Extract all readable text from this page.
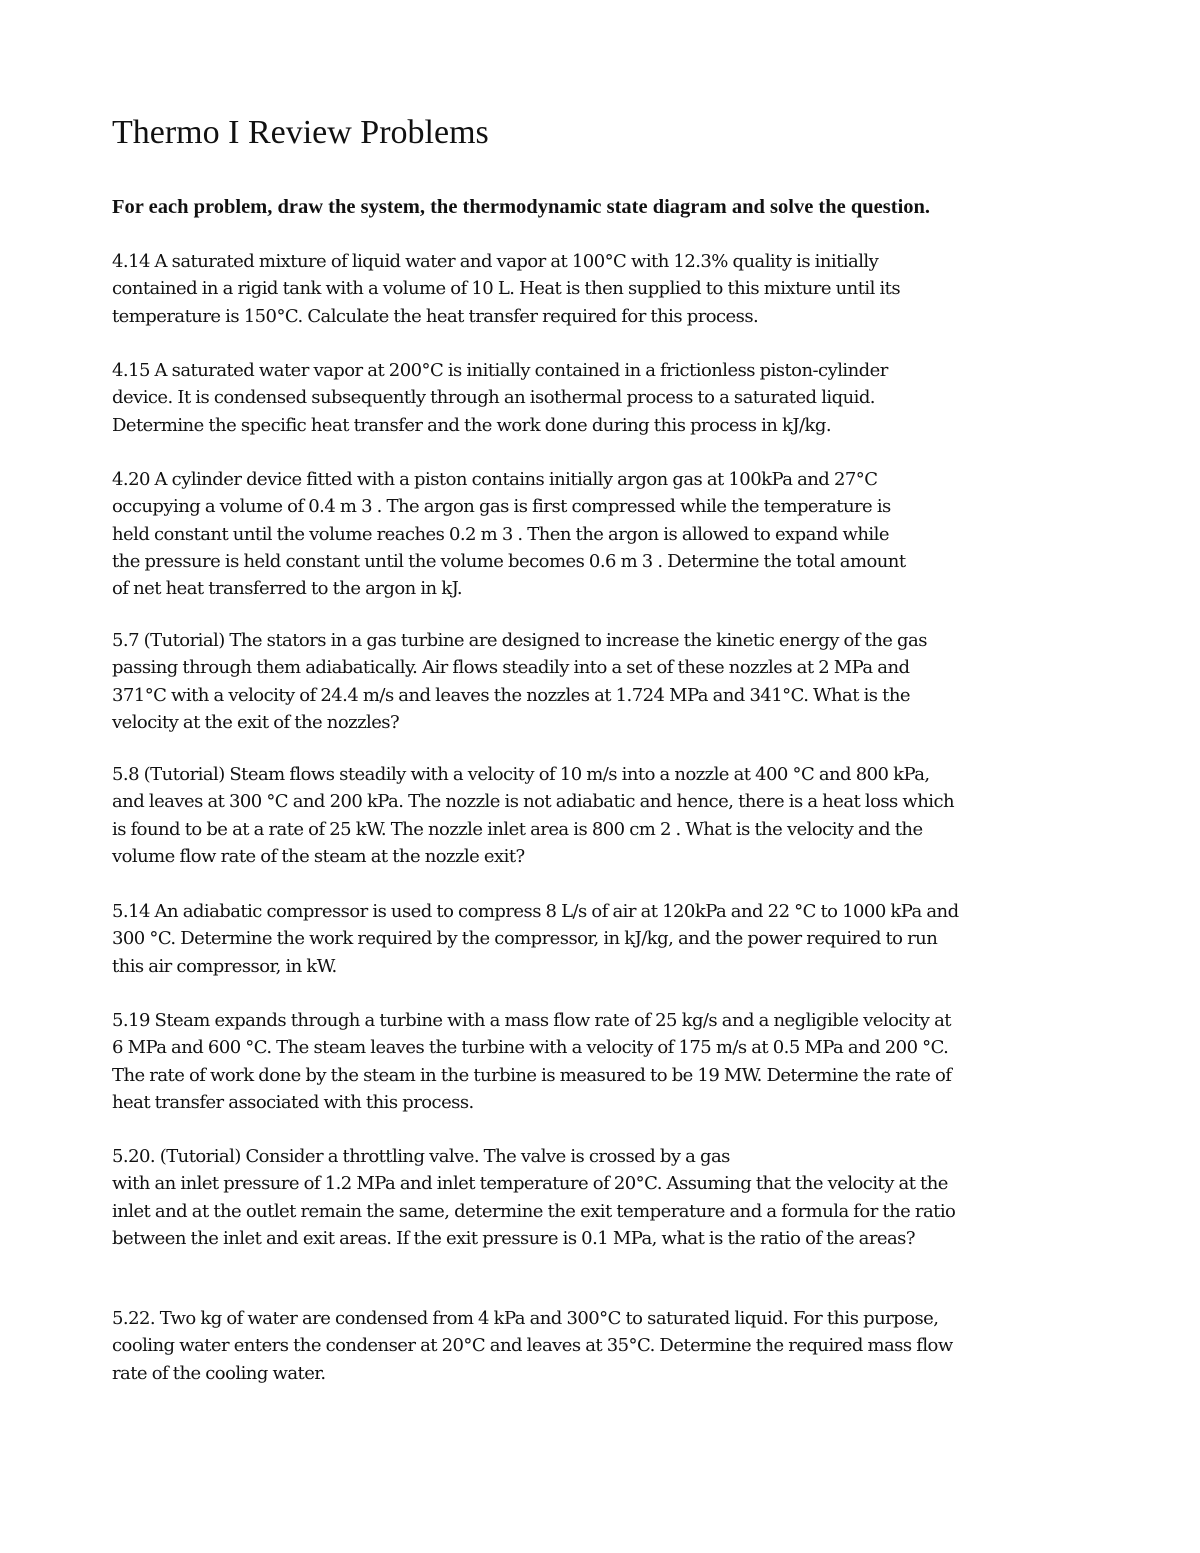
Thermo I Review Problems

For each problem, draw the system, the thermodynamic state diagram and solve the question.

4.14 A saturated mixture of liquid water and vapor at 100°C with 12.3% quality is initially
contained in a rigid tank with a volume of 10 L. Heat is then supplied to this mixture until its
temperature is 150°C. Calculate the heat transfer required for this process.
4.15 A saturated water vapor at 200°C is initially contained in a frictionless piston-cylinder
device. It is condensed subsequently through an isothermal process to a saturated liquid.
Determine the specific heat transfer and the work done during this process in kJ/kg.
4.20 A cylinder device fitted with a piston contains initially argon gas at 100kPa and 27°C
occupying a volume of 0.4 m 3 . The argon gas is first compressed while the temperature is
held constant until the volume reaches 0.2 m 3 . Then the argon is allowed to expand while
the pressure is held constant until the volume becomes 0.6 m 3 . Determine the total amount
of net heat transferred to the argon in kJ.
5.7 (Tutorial) The stators in a gas turbine are designed to increase the kinetic energy of the gas
passing through them adiabatically. Air flows steadily into a set of these nozzles at 2 MPa and
371°C with a velocity of 24.4 m/s and leaves the nozzles at 1.724 MPa and 341°C. What is the
velocity at the exit of the nozzles?
5.8 (Tutorial) Steam flows steadily with a velocity of 10 m/s into a nozzle at 400 °C and 800 kPa,
and leaves at 300 °C and 200 kPa. The nozzle is not adiabatic and hence, there is a heat loss which
is found to be at a rate of 25 kW. The nozzle inlet area is 800 cm 2 . What is the velocity and the
volume flow rate of the steam at the nozzle exit?
5.14 An adiabatic compressor is used to compress 8 L/s of air at 120kPa and 22 °C to 1000 kPa and
300 °C. Determine the work required by the compressor, in kJ/kg, and the power required to run
this air compressor, in kW.
5.19 Steam expands through a turbine with a mass flow rate of 25 kg/s and a negligible velocity at
6 MPa and 600 °C. The steam leaves the turbine with a velocity of 175 m/s at 0.5 MPa and 200 °C.
The rate of work done by the steam in the turbine is measured to be 19 MW. Determine the rate of
heat transfer associated with this process.
5.20. (Tutorial) Consider a throttling valve. The valve is crossed by a gas
with an inlet pressure of 1.2 MPa and inlet temperature of 20°C. Assuming that the velocity at the
inlet and at the outlet remain the same, determine the exit temperature and a formula for the ratio
between the inlet and exit areas. If the exit pressure is 0.1 MPa, what is the ratio of the areas?
5.22. Two kg of water are condensed from 4 kPa and 300°C to saturated liquid. For this purpose,
cooling water enters the condenser at 20°C and leaves at 35°C. Determine the required mass flow
rate of the cooling water.
